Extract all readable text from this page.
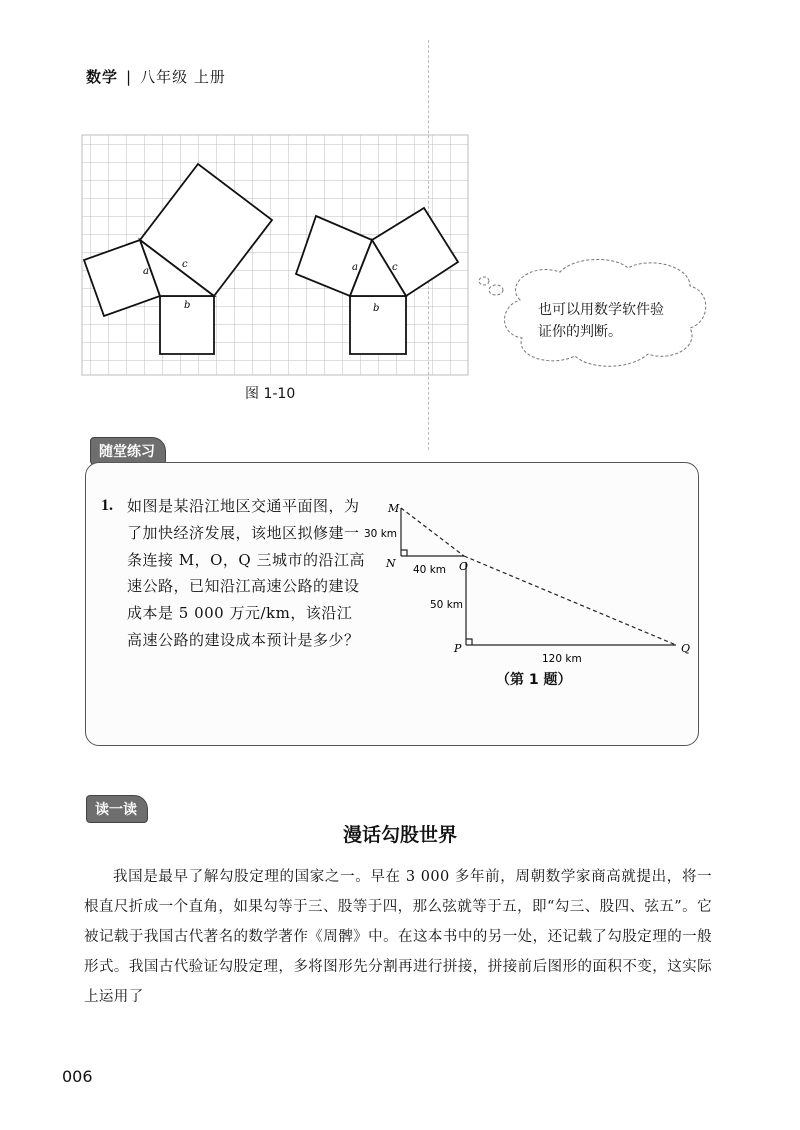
数学 | 八年级 上册
a
c
b
a	c
b
图 1-10
也可以用数学软件验证你的判断。
随堂练习
1. 如图是某沿江地区交通平面图，为了加快经济发展，该地区拟修建一条连接 M，O，Q 三城市的沿江高速公路，已知沿江高速公路的建设成本是 5 000 万元/km，该沿江高速公路的建设成本预计是多少？
M
N	O
P	Q
30 km
40 km
50 km
120 km
（第 1 题）
读一读
漫话勾股世界
我国是最早了解勾股定理的国家之一。早在 3 000 多年前，周朝数学家商高就提出，将一根直尺折成一个直角，如果勾等于三、股等于四，那么弦就等于五，即“勾三、股四、弦五”。它被记载于我国古代著名的数学著作《周髀》中。在这本书中的另一处，还记载了勾股定理的一般形式。我国古代验证勾股定理，多将图形先分割再进行拼接，拼接前后图形的面积不变，这实际上运用了
006
